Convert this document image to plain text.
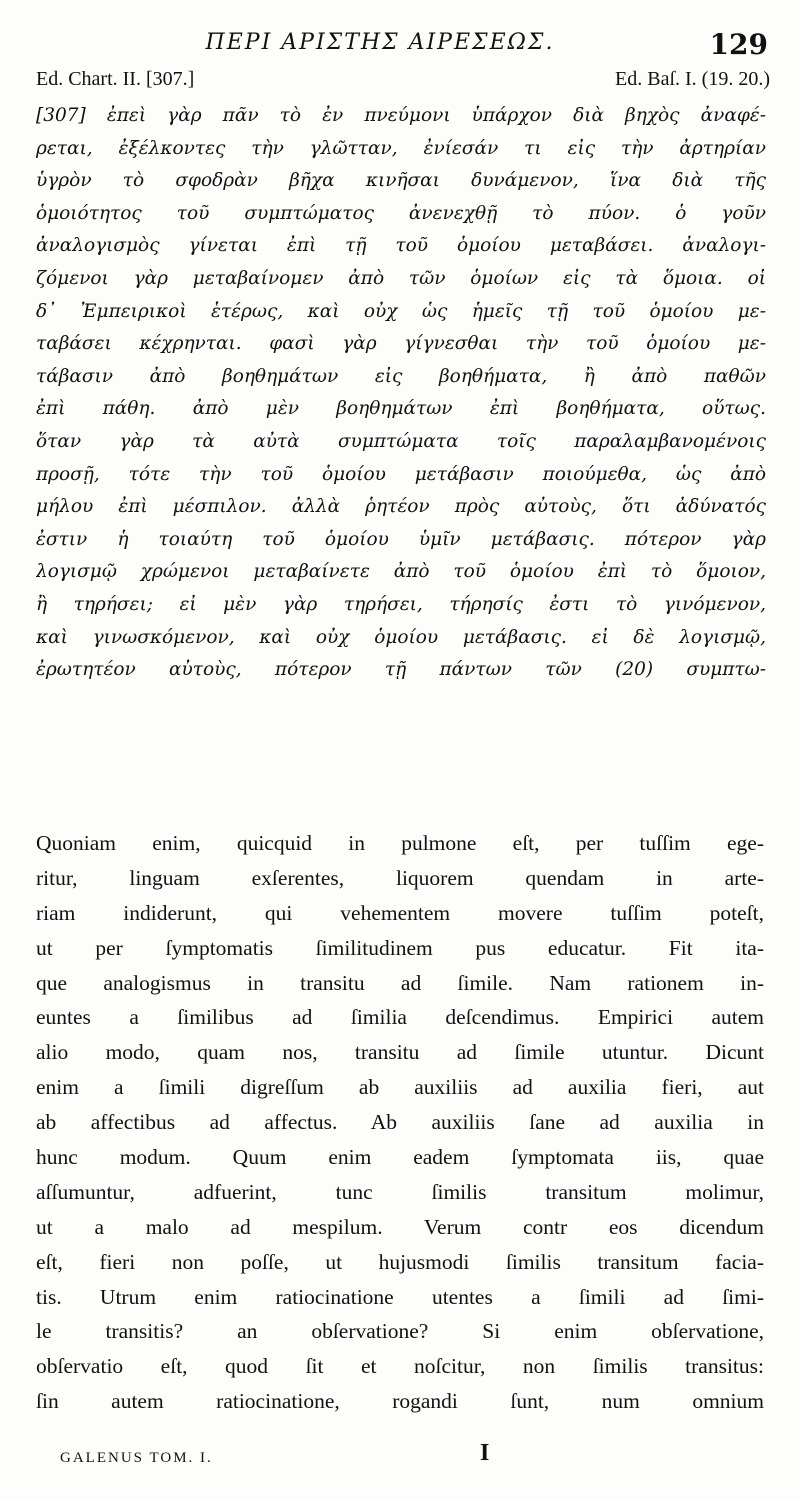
ΠΕΡΙ ΑΡΙΣΤΗΣ ΑΙΡΕΣΕΩΣ.	129
Ed. Chart. II. [307.]	Ed. Baſ. I. (19. 20.)
[307] ἐπεὶ γὰρ πᾶν τὸ ἐν πνεύμονι ὑπάρχον διὰ βηχὸς ἀναφέ-
ρεται, ἐξέλκοντες τὴν γλῶτταν, ἐνίεσάν τι εἰς τὴν ἀρτηρίαν
ὑγρὸν τὸ σφοδρὰν βῆχα κινῆσαι δυνάμενον, ἵνα διὰ τῆς
ὁμοιότητος τοῦ συμπτώματος ἀνενεχθῇ τὸ πύον. ὁ γοῦν
ἀναλογισμὸς γίνεται ἐπὶ τῇ τοῦ ὁμοίου μεταβάσει. ἀναλογι-
ζόμενοι γὰρ μεταβαίνομεν ἀπὸ τῶν ὁμοίων εἰς τὰ ὅμοια. οἱ
δ᾽ Ἐμπειρικοὶ ἑτέρως, καὶ οὐχ ὡς ἡμεῖς τῇ τοῦ ὁμοίου με-
ταβάσει κέχρηνται. φασὶ γὰρ γίγνεσθαι τὴν τοῦ ὁμοίου με-
τάβασιν ἀπὸ βοηθημάτων εἰς βοηθήματα, ἢ ἀπὸ παθῶν
ἐπὶ πάθη. ἀπὸ μὲν βοηθημάτων ἐπὶ βοηθήματα, οὕτως.
ὅταν γὰρ τὰ αὐτὰ συμπτώματα τοῖς παραλαμβανομένοις
προσῇ, τότε τὴν τοῦ ὁμοίου μετάβασιν ποιούμεθα, ὡς ἀπὸ
μήλου ἐπὶ μέσπιλον. ἀλλὰ ῥητέον πρὸς αὐτοὺς, ὅτι ἀδύνατός
ἐστιν ἡ τοιαύτη τοῦ ὁμοίου ὑμῖν μετάβασις. πότερον γὰρ
λογισμῷ χρώμενοι μεταβαίνετε ἀπὸ τοῦ ὁμοίου ἐπὶ τὸ ὅμοιον,
ἢ τηρήσει; εἰ μὲν γὰρ τηρήσει, τήρησίς ἐστι τὸ γινόμενον,
καὶ γινωσκόμενον, καὶ οὐχ ὁμοίου μετάβασις. εἰ δὲ λογισμῷ,
ἐρωτητέον αὐτοὺς, πότερον τῇ πάντων τῶν (20) συμπτω-
Quoniam enim, quicquid in pulmone eſt, per tuſſim ege-
ritur, linguam exſerentes, liquorem quendam in arte-
riam indiderunt, qui vehementem movere tuſſim poteſt,
ut per ſymptomatis ſimilitudinem pus educatur. Fit ita-
que analogismus in transitu ad ſimile. Nam rationem in-
euntes a ſimilibus ad ſimilia deſcendimus. Empirici autem
alio modo, quam nos, transitu ad ſimile utuntur. Dicunt
enim a ſimili digreſſum ab auxiliis ad auxilia fieri, aut
ab affectibus ad affectus. Ab auxiliis ſane ad auxilia in
hunc modum. Quum enim eadem ſymptomata iis, quae
aſſumuntur, adfuerint, tunc ſimilis transitum molimur,
ut a malo ad mespilum. Verum contr eos dicendum
eſt, fieri non poſſe, ut hujusmodi ſimilis transitum facia-
tis. Utrum enim ratiocinatione utentes a ſimili ad ſimi-
le transitis? an obſervatione? Si enim obſervatione,
obſervatio eſt, quod ſit et noſcitur, non ſimilis transitus:
ſin autem ratiocinatione, rogandi ſunt, num omnium
GALENUS TOM. I.	I
